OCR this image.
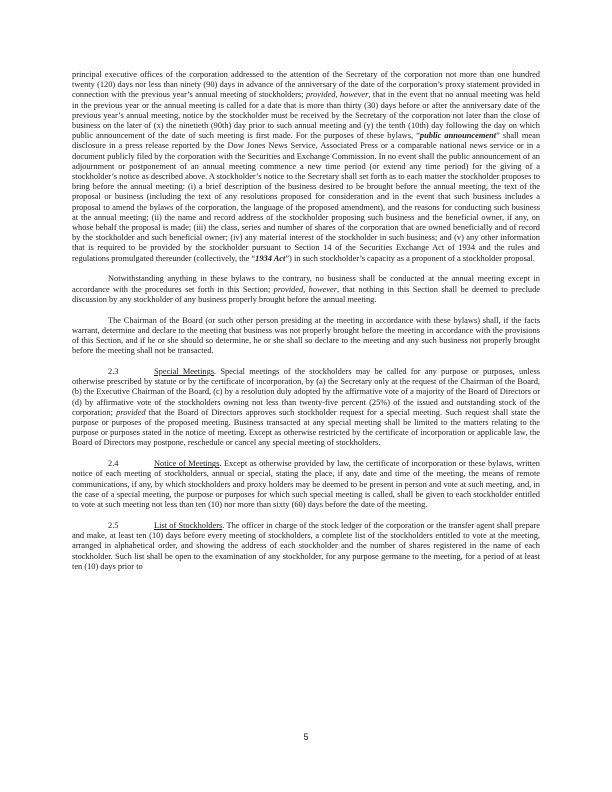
principal executive offices of the corporation addressed to the attention of the Secretary of the corporation not more than one hundred twenty (120) days nor less than ninety (90) days in advance of the anniversary of the date of the corporation’s proxy statement provided in connection with the previous year’s annual meeting of stockholders; provided, however, that in the event that no annual meeting was held in the previous year or the annual meeting is called for a date that is more than thirty (30) days before or after the anniversary date of the previous year’s annual meeting, notice by the stockholder must be received by the Secretary of the corporation not later than the close of business on the later of (x) the ninetieth (90th) day prior to such annual meeting and (y) the tenth (10th) day following the day on which public announcement of the date of such meeting is first made. For the purposes of these bylaws, “public announcement” shall mean disclosure in a press release reported by the Dow Jones News Service, Associated Press or a comparable national news service or in a document publicly filed by the corporation with the Securities and Exchange Commission. In no event shall the public announcement of an adjournment or postponement of an annual meeting commence a new time period (or extend any time period) for the giving of a stockholder’s notice as described above. A stockholder’s notice to the Secretary shall set forth as to each matter the stockholder proposes to bring before the annual meeting: (i) a brief description of the business desired to be brought before the annual meeting, the text of the proposal or business (including the text of any resolutions proposed for consideration and in the event that such business includes a proposal to amend the bylaws of the corporation, the language of the proposed amendment), and the reasons for conducting such business at the annual meeting; (ii) the name and record address of the stockholder proposing such business and the beneficial owner, if any, on whose behalf the proposal is made; (iii) the class, series and number of shares of the corporation that are owned beneficially and of record by the stockholder and such beneficial owner; (iv) any material interest of the stockholder in such business; and (v) any other information that is required to be provided by the stockholder pursuant to Section 14 of the Securities Exchange Act of 1934 and the rules and regulations promulgated thereunder (collectively, the “1934 Act”) in such stockholder’s capacity as a proponent of a stockholder proposal.

Notwithstanding anything in these bylaws to the contrary, no business shall be conducted at the annual meeting except in accordance with the procedures set forth in this Section; provided, however, that nothing in this Section shall be deemed to preclude discussion by any stockholder of any business properly brought before the annual meeting.

The Chairman of the Board (or such other person presiding at the meeting in accordance with these bylaws) shall, if the facts warrant, determine and declare to the meeting that business was not properly brought before the meeting in accordance with the provisions of this Section, and if he or she should so determine, he or she shall so declare to the meeting and any such business not properly brought before the meeting shall not be transacted.

2.3	Special Meetings. Special meetings of the stockholders may be called for any purpose or purposes, unless otherwise prescribed by statute or by the certificate of incorporation, by (a) the Secretary only at the request of the Chairman of the Board, (b) the Executive Chairman of the Board, (c) by a resolution duly adopted by the affirmative vote of a majority of the Board of Directors or (d) by affirmative vote of the stockholders owning not less than twenty-five percent (25%) of the issued and outstanding stock of the corporation; provided that the Board of Directors approves such stockholder request for a special meeting. Such request shall state the purpose or purposes of the proposed meeting. Business transacted at any special meeting shall be limited to the matters relating to the purpose or purposes stated in the notice of meeting. Except as otherwise restricted by the certificate of incorporation or applicable law, the Board of Directors may postpone, reschedule or cancel any special meeting of stockholders.

2.4	Notice of Meetings. Except as otherwise provided by law, the certificate of incorporation or these bylaws, written notice of each meeting of stockholders, annual or special, stating the place, if any, date and time of the meeting, the means of remote communications, if any, by which stockholders and proxy holders may be deemed to be present in person and vote at such meeting, and, in the case of a special meeting, the purpose or purposes for which such special meeting is called, shall be given to each stockholder entitled to vote at such meeting not less than ten (10) nor more than sixty (60) days before the date of the meeting.

2.5	List of Stockholders. The officer in charge of the stock ledger of the corporation or the transfer agent shall prepare and make, at least ten (10) days before every meeting of stockholders, a complete list of the stockholders entitled to vote at the meeting, arranged in alphabetical order, and showing the address of each stockholder and the number of shares registered in the name of each stockholder. Such list shall be open to the examination of any stockholder, for any purpose germane to the meeting, for a period of at least ten (10) days prior to

5
